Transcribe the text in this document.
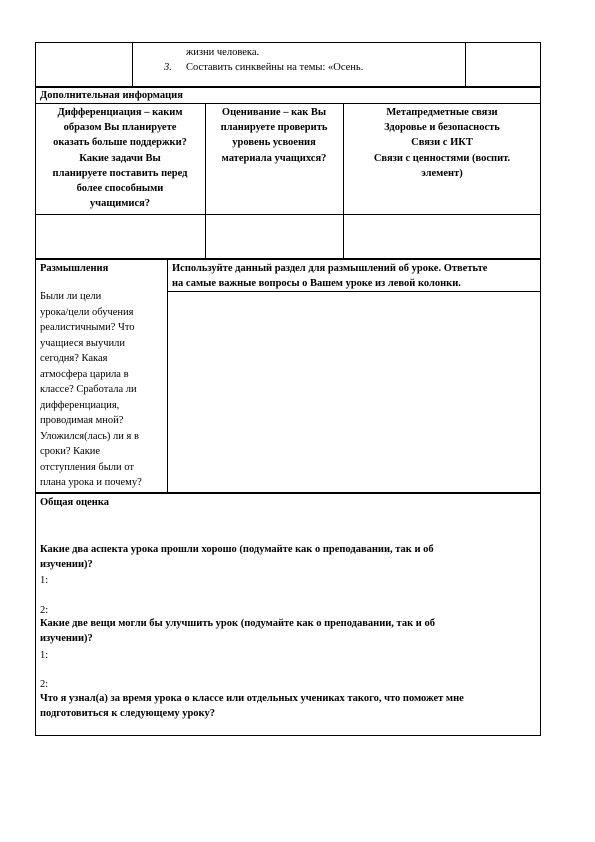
жизни человека.
3. Составить синквейны на темы: «Осень.
Дополнительная информация
Дифференциация – каким
образом Вы планируете
оказать больше поддержки?
Какие задачи Вы
планируете поставить перед
более способными
учащимися?
Оценивание – как Вы
планируете проверить
уровень усвоения
материала учащихся?
Метапредметные связи
Здоровье и безопасность
Связи с ИКТ
Связи с ценностями (воспит.
элемент)
Размышления
Были ли цели
урока/цели обучения
реалистичными? Что
учащиеся выучили
сегодня? Какая
атмосфера царила в
классе? Сработала ли
дифференциация,
проводимая мной?
Уложился(лась) ли я в
сроки? Какие
отступления были от
плана урока и почему?
Используйте данный раздел для размышлений об уроке. Ответьте
на самые важные вопросы о Вашем уроке из левой колонки.
Общая оценка
Какие два аспекта урока прошли хорошо (подумайте как о преподавании, так и об
изучении)?
1:
2:
Какие две вещи могли бы улучшить урок (подумайте как о преподавании, так и об
изучении)?
1:
2:
Что я узнал(а) за время урока о классе или отдельных учениках такого, что поможет мне
подготовиться к следующему уроку?
